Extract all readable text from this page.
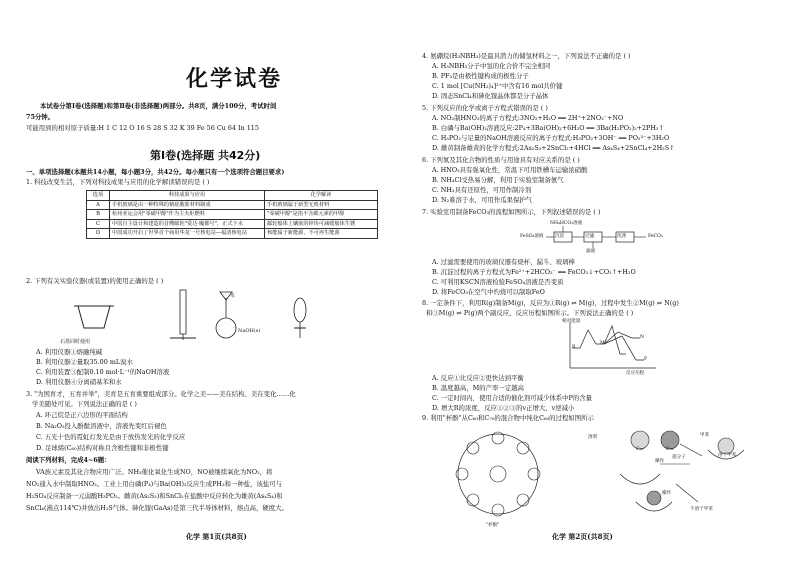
化学试卷
本试卷分第Ⅰ卷(选择题)和第Ⅱ卷(非选择题)两部分。共8页，满分100分，考试时间
75分钟。
可能用到的相对原子质量:H 1 C 12 O 16 S 28 S 32 K 39 Fe 56 Cu 64 In 115
第Ⅰ卷(选择题 共42分)
一、单项选择题(本题共14小题，每小题3分，共42分。每小题只有一个选项符合题目要求)
1. 科技改变生活，下列对科技成果与应用的化学解读错误的是 ( )
选项	科技成果与应用	化学解读
A	手机玻璃是由一种特殊的钠硅酸盐材料制成	手机玻璃属于新型无机材料
B	杭州亚运会用"零碳甲醇"作为主火炬燃料	"零碳甲醇"是指不含碳元素的甲醇
C	中国自主设计和建造的首艘邮轮"爱达·魔都号"，正式下水	邮轮船体上镶嵌的锌块可减缓船体生锈
D	中国成功开启了世界首个商用华龙一号核电站—福清核电站	核能属于新能源，不可再生能源
2. 下列有关实验仪器(或装置)的使用正确的是 ( )
石墨同时使用
水
NaOH(s)
A. 利用仪器①熔融纯碱
B. 利用仪器②量取35.00 mL溴水
C. 利用装置③配制0.10 mol·L⁻¹的NaOH溶液
D. 利用仪器④分离硝基苯和水
3. "为国育才，五育并举"，美育是五育重要组成部分。化学之美——美在结构、美在变化……化
学美随处可见。下列说法正确的是 ( )
A. 环己烷是正六边形的平面结构
B. Na₂O₂投入酚酞溶液中，溶液先变红后褪色
C. 五光十色的霓虹灯发光是由于放热发光的化学反应
D. 足球烯(C₆₀)结构对称且含极性键和非极性键
阅读下列材料，完成4~6题：
VA族元素及其化合物应用广泛。NH₃催化氧化生成NO，NO被继续氧化为NO₂，将
NO₂通入水中制取HNO₃。工业上用白磷(P₄)与Ba(OH)₂反应生成PH₃和一种盐，该盐可与
H₂SO₄反应制备一元弱酸H₃PO₂。雌黄(As₂S₃)和SnCl₂在盐酸中反应转化为雄黄(As₄S₄)和
SnCl₄(沸点114℃)并放出H₂S气体。砷化镓(GaAs)是第三代半导体材料，熔点高，硬度大。
化学 第1页(共8页)
4. 氨硼烷(H₃NBH₃)是最具潜力的储氢材料之一，下列说法不正确的是 ( )
A. H₃NBH₃分子中氢的化合价不完全相同
B. PF₃是由极性键构成的极性分子
C. 1 mol [Cu(NH₃)₄]²⁺中含有16 mol共价键
D. 固态SnCl₄和砷化镓晶体都是分子晶体
5. 下列反应的化学或离子方程式错误的是 ( )
A. NO₂制HNO₃的离子方程式:3NO₂+H₂O ══ 2H⁺+2NO₃⁻+NO
B. 白磷与Ba(OH)₂溶液反应:2P₄+3Ba(OH)₂+6H₂O ══ 3Ba(H₂PO₂)₂+2PH₃↑
C. H₃PO₂与足量的NaOH溶液反应的离子方程式:H₃PO₂+3OH⁻ ══ PO₂³⁻+3H₂O
D. 雌黄制备雄黄的化学方程式:2As₂S₃+2SnCl₂+4HCl ══ As₄S₄+2SnCl₄+2H₂S↑
6. 下列氮及其化合物的性质与用途具有对应关系的是 ( )
A. HNO₃具有强氧化性，常温下可用铁槽车运输浓硝酸
B. NH₄Cl受热易分解，利用于实验室制备氨气
C. NH₃具有还原性，可用作制冷剂
D. N₂难溶于水，可用作瓜果保护气
7. 实验室用制备FeCO₃的流程如图所示，下列叙述错误的是 ( )
FeSO₄溶液 沉淀	过滤	洗涤	FeCO₃
NH₄HCO₃溶液
滤液
A. 过滤需要使用的玻璃仪器有烧杯、漏斗、玻璃棒
B. 沉淀过程的离子方程式为Fe²⁺+2HCO₃⁻ ══ FeCO₃↓+CO₂↑+H₂O
C. 可利用KSCN溶液检验FeSO₄溶液是否变质
D. 将FeCO₃在空气中灼烧可以制取FeO
8. 一定条件下，利用R(g)制备M(g)，反应为①R(g) ⇌ M(g)，过程中发生②M(g) ⇌ N(g)
和③M(g) ⇌ P(g)两个副反应，反应历程如图所示。下列说法正确的是 ( )
相对能量
反应历程
R
M
N
P
A. 反应①比反应②更快达到平衡
B. 温度越高，M的产率一定越高
C. 一定时间内，使用合适的催化剂可减少体系中P的含量
D. 增大R的浓度，反应①②③的v正增大、v逆减小
9. 利用"杯酚"从C₆₀和C₇₀的混合物中纯化C₆₀的过程如图所示
"杯酚"
溶剂	甲苯
超分子
操作
溶于甲苯
操作
不溶于甲苯
C₆₀	C₇₀
化学 第2页(共8页)
